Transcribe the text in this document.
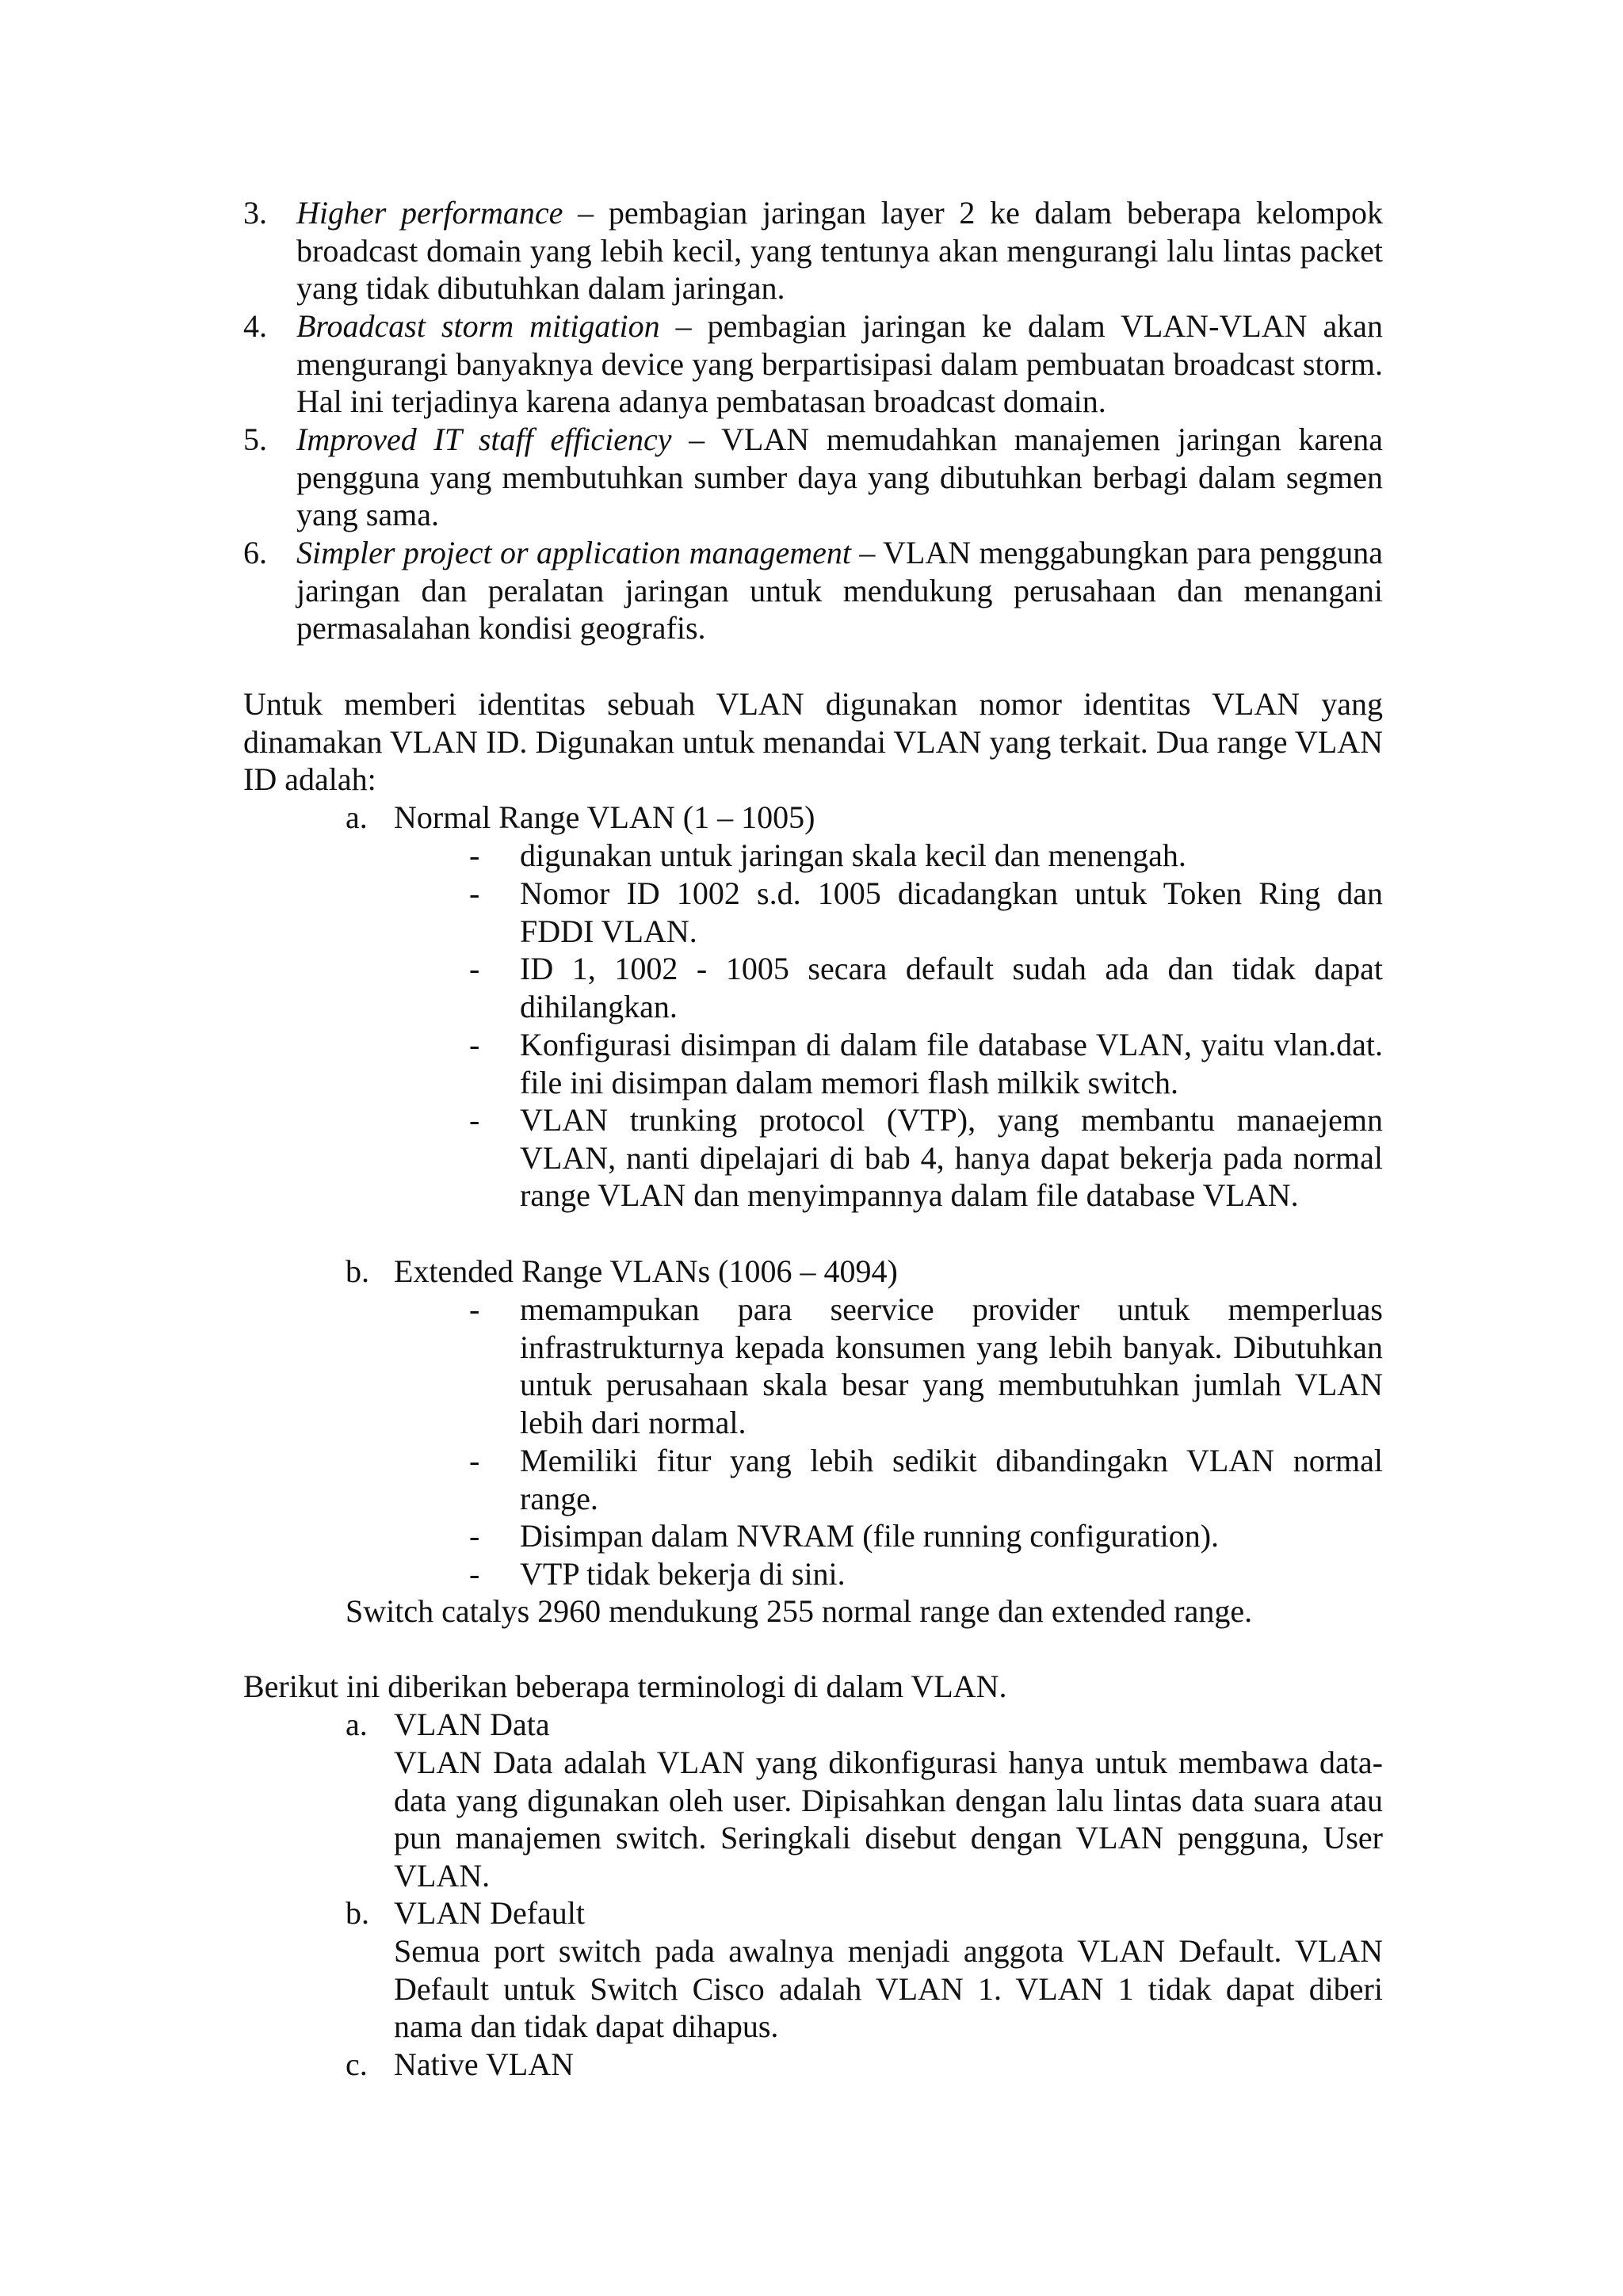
3. Higher performance – pembagian jaringan layer 2 ke dalam beberapa kelompok broadcast domain yang lebih kecil, yang tentunya akan mengurangi lalu lintas packet yang tidak dibutuhkan dalam jaringan.
4. Broadcast storm mitigation – pembagian jaringan ke dalam VLAN-VLAN akan mengurangi banyaknya device yang berpartisipasi dalam pembuatan broadcast storm. Hal ini terjadinya karena adanya pembatasan broadcast domain.
5. Improved IT staff efficiency – VLAN memudahkan manajemen jaringan karena pengguna yang membutuhkan sumber daya yang dibutuhkan berbagi dalam segmen yang sama.
6. Simpler project or application management – VLAN menggabungkan para pengguna jaringan dan peralatan jaringan untuk mendukung perusahaan dan menangani permasalahan kondisi geografis.
Untuk memberi identitas sebuah VLAN digunakan nomor identitas VLAN yang dinamakan VLAN ID. Digunakan untuk menandai VLAN yang terkait. Dua range VLAN ID adalah:
a. Normal Range VLAN (1 – 1005)
- digunakan untuk jaringan skala kecil dan menengah.
- Nomor ID 1002 s.d. 1005 dicadangkan untuk Token Ring dan FDDI VLAN.
- ID 1, 1002 - 1005 secara default sudah ada dan tidak dapat dihilangkan.
- Konfigurasi disimpan di dalam file database VLAN, yaitu vlan.dat. file ini disimpan dalam memori flash milkik switch.
- VLAN trunking protocol (VTP), yang membantu manaejemn VLAN, nanti dipelajari di bab 4, hanya dapat bekerja pada normal range VLAN dan menyimpannya dalam file database VLAN.
b. Extended Range VLANs (1006 – 4094)
- memampukan para seervice provider untuk memperluas infrastrukturnya kepada konsumen yang lebih banyak. Dibutuhkan untuk perusahaan skala besar yang membutuhkan jumlah VLAN lebih dari normal.
- Memiliki fitur yang lebih sedikit dibandingakn VLAN normal range.
- Disimpan dalam NVRAM (file running configuration).
- VTP tidak bekerja di sini.
Switch catalys 2960 mendukung 255 normal range dan extended range.
Berikut ini diberikan beberapa terminologi di dalam VLAN.
a. VLAN Data
VLAN Data adalah VLAN yang dikonfigurasi hanya untuk membawa data-data yang digunakan oleh user. Dipisahkan dengan lalu lintas data suara atau pun manajemen switch. Seringkali disebut dengan VLAN pengguna, User VLAN.
b. VLAN Default
Semua port switch pada awalnya menjadi anggota VLAN Default. VLAN Default untuk Switch Cisco adalah VLAN 1. VLAN 1 tidak dapat diberi nama dan tidak dapat dihapus.
c. Native VLAN
